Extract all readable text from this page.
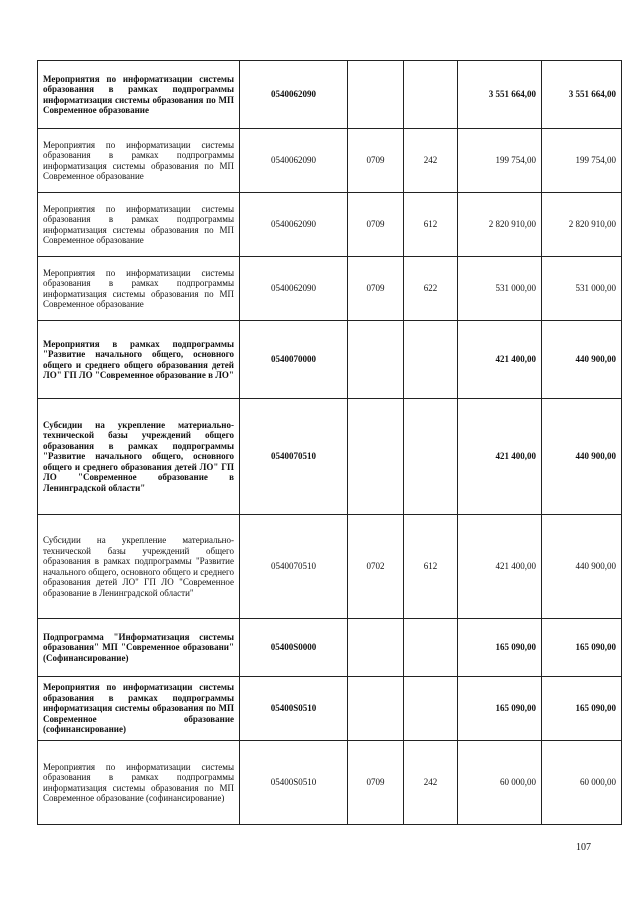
Мероприятия по информатизации системы образования в рамках подпрограммы информатизация системы образования по МП Современное образование	0540062090			3 551 664,00	3 551 664,00
Мероприятия по информатизации системы образования в рамках подпрограммы информатизация системы образования по МП Современное образование	0540062090	0709	242	199 754,00	199 754,00
Мероприятия по информатизации системы образования в рамках подпрограммы информатизация системы образования по МП Современное образование	0540062090	0709	612	2 820 910,00	2 820 910,00
Мероприятия по информатизации системы образования в рамках подпрограммы информатизация системы образования по МП Современное образование	0540062090	0709	622	531 000,00	531 000,00
Мероприятия в рамках подпрограммы "Развитие начального общего, основного общего и среднего общего образования детей ЛО" ГП ЛО "Современное образование в ЛО"	0540070000			421 400,00	440 900,00
Субсидии на укрепление материально-технической базы учреждений общего образования в рамках подпрограммы "Развитие начального общего, основного общего и среднего образования детей ЛО" ГП ЛО "Современное образование в Ленинградской области"	0540070510			421 400,00	440 900,00
Субсидии на укрепление материально-технической базы учреждений общего образования в рамках подпрограммы "Развитие начального общего, основного общего и среднего образования детей ЛО" ГП ЛО "Современное образование в Ленинградской области"	0540070510	0702	612	421 400,00	440 900,00
Подпрограмма "Информатизация системы образования" МП "Современное образовани" (Софинансирование)	05400S0000			165 090,00	165 090,00
Мероприятия по информатизации системы образования в рамках подпрограммы информатизация системы образования по МП Современное образование (софинансирование)	05400S0510			165 090,00	165 090,00
Мероприятия по информатизации системы образования в рамках подпрограммы информатизация системы образования по МП Современное образование (софинансирование)	05400S0510	0709	242	60 000,00	60 000,00
107
